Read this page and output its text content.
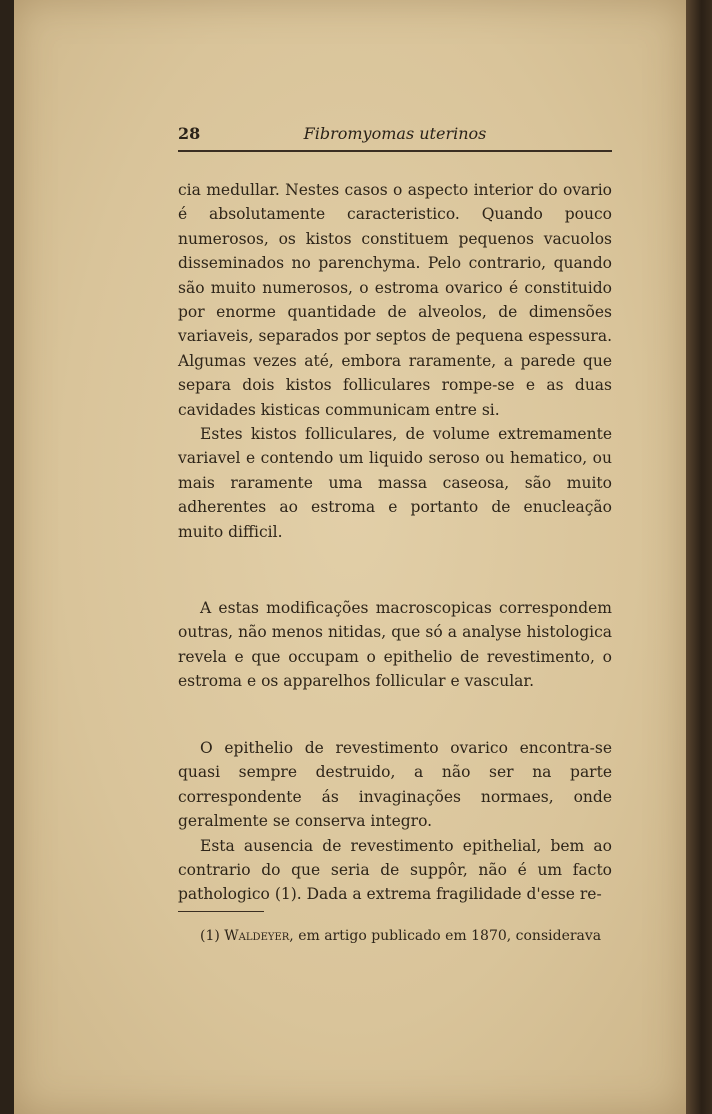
28	Fibromyomas uterinos

cia medullar. Nestes casos o aspecto interior do ovario é absolutamente caracteristico. Quando pouco numerosos, os kistos constituem pequenos vacuolos disseminados no parenchyma. Pelo contrario, quando são muito numerosos, o estroma ovarico é constituido por enorme quantidade de alveolos, de dimensões variaveis, separados por septos de pequena espessura. Algumas vezes até, embora raramente, a parede que separa dois kistos folliculares rompe-se e as duas cavidades kisticas communicam entre si.

Estes kistos folliculares, de volume extremamente variavel e contendo um liquido seroso ou hematico, ou mais raramente uma massa caseosa, são muito adherentes ao estroma e portanto de enucleação muito difficil.

A estas modificações macroscopicas correspondem outras, não menos nitidas, que só a analyse histologica revela e que occupam o epithelio de revestimento, o estroma e os apparelhos follicular e vascular.

O epithelio de revestimento ovarico encontra-se quasi sempre destruido, a não ser na parte correspondente ás invaginações normaes, onde geralmente se conserva integro.

Esta ausencia de revestimento epithelial, bem ao contrario do que seria de suppôr, não é um facto pathologico (1). Dada a extrema fragilidade d'esse re-

(1) Waldeyer, em artigo publicado em 1870, considerava
